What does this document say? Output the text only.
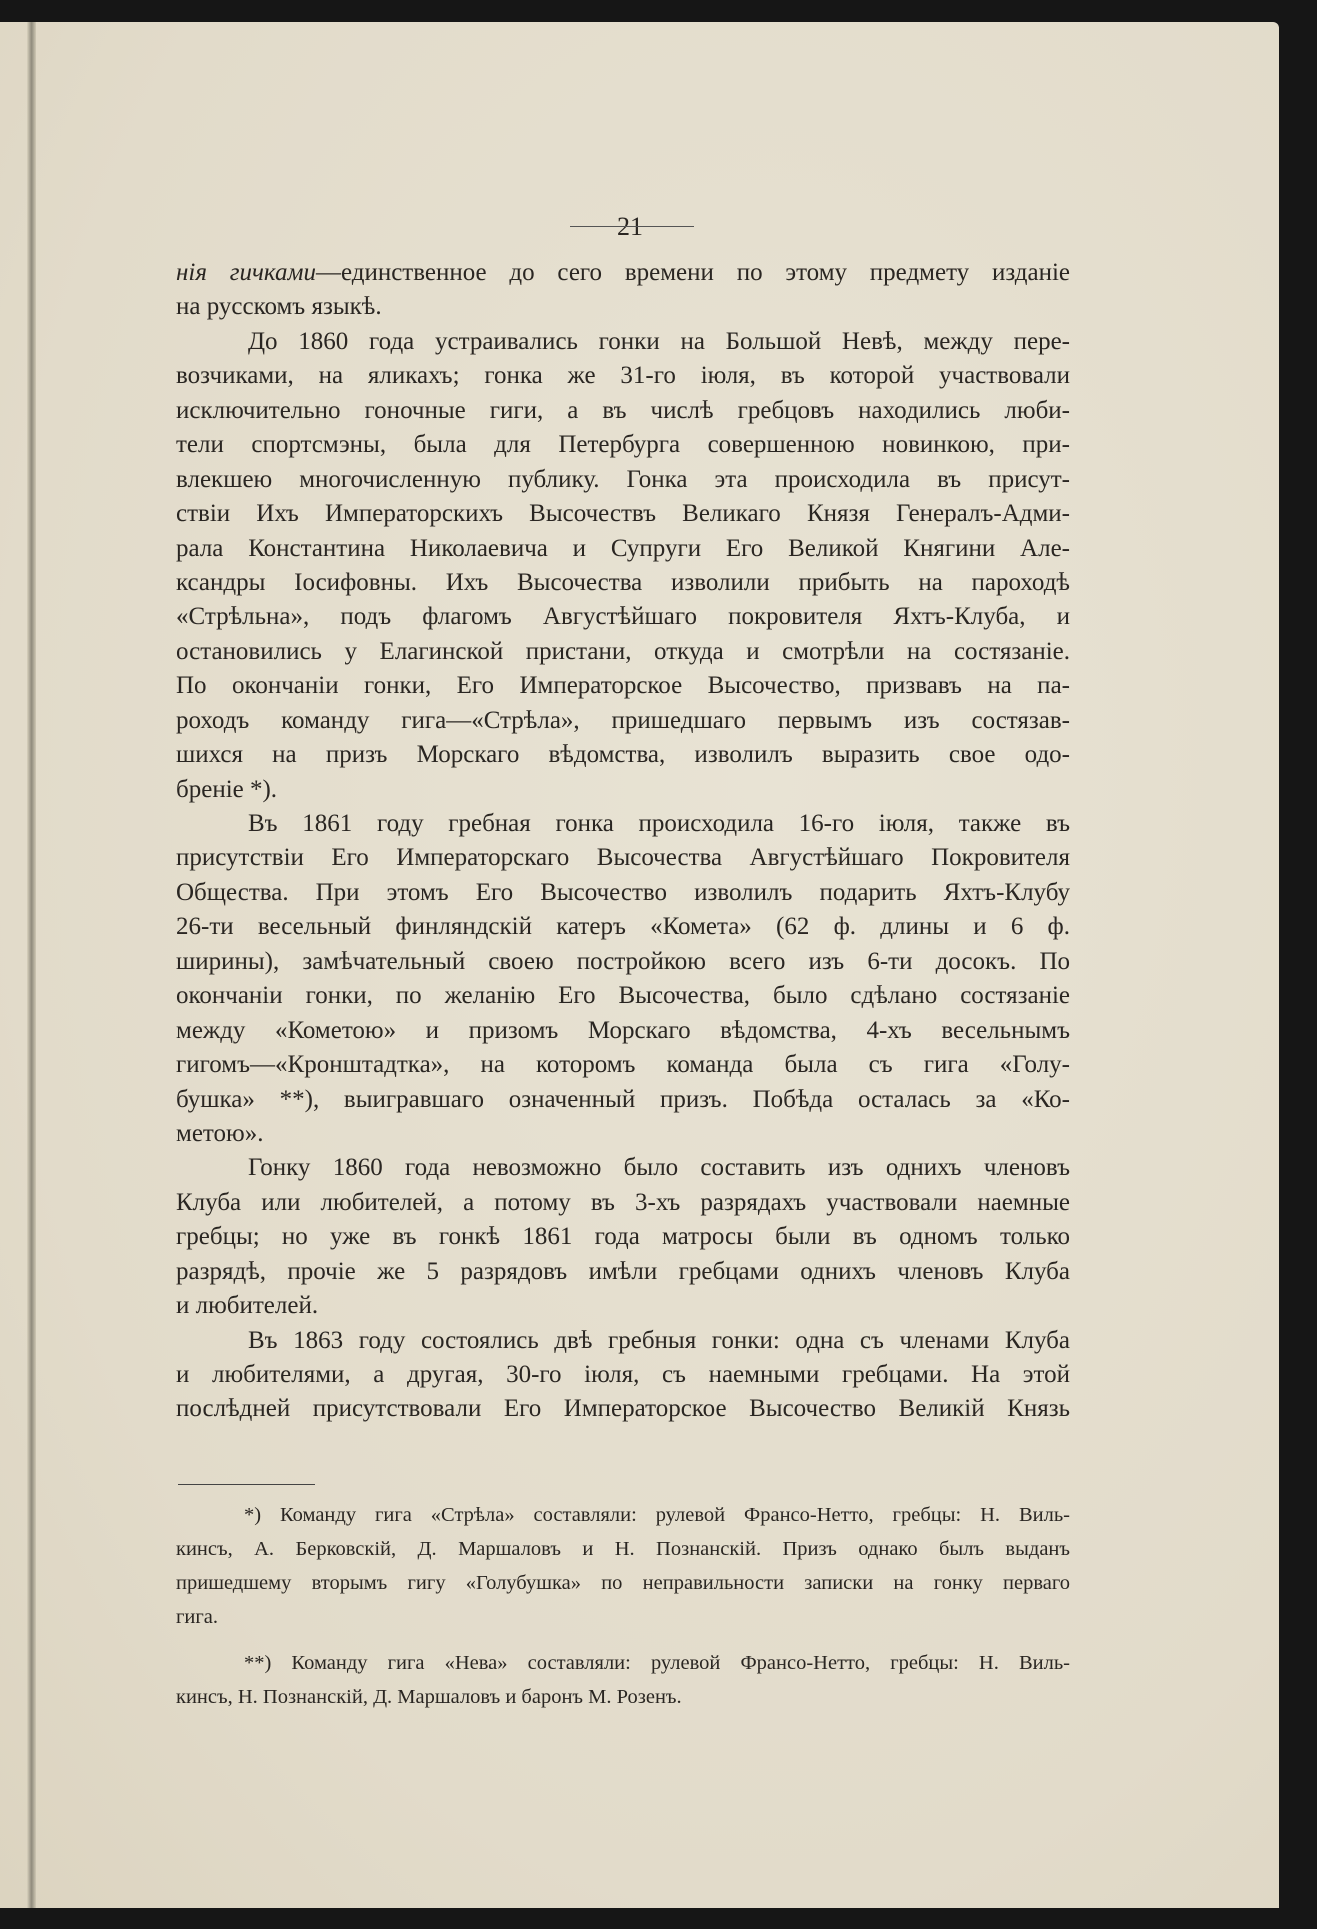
21
нія гичками—единственное до сего времени по этому предмету изданіе
на русскомъ языкѣ.
До 1860 года устраивались гонки на Большой Невѣ, между пере-
возчиками, на яликахъ; гонка же 31-го іюля, въ которой участвовали
исключительно гоночные гиги, а въ числѣ гребцовъ находились люби-
тели спортсмэны, была для Петербурга совершенною новинкою, при-
влекшею многочисленную публику. Гонка эта происходила въ присут-
ствіи Ихъ Императорскихъ Высочествъ Великаго Князя Генералъ-Адми-
рала Константина Николаевича и Супруги Его Великой Княгини Але-
ксандры Іосифовны. Ихъ Высочества изволили прибыть на пароходѣ
«Стрѣльна», подъ флагомъ Августѣйшаго покровителя Яхтъ-Клуба, и
остановились у Елагинской пристани, откуда и смотрѣли на состязаніе.
По окончаніи гонки, Его Императорское Высочество, призвавъ на па-
роходъ команду гига—«Стрѣла», пришедшаго первымъ изъ состязав-
шихся на призъ Морскаго вѣдомства, изволилъ выразить свое одо-
бреніе *).
Въ 1861 году гребная гонка происходила 16-го іюля, также въ
присутствіи Его Императорскаго Высочества Августѣйшаго Покровителя
Общества. При этомъ Его Высочество изволилъ подарить Яхтъ-Клубу
26-ти весельный финляндскій катеръ «Комета» (62 ф. длины и 6 ф.
ширины), замѣчательный своею постройкою всего изъ 6-ти досокъ. По
окончаніи гонки, по желанію Его Высочества, было сдѣлано состязаніе
между «Кометою» и призомъ Морскаго вѣдомства, 4-хъ весельнымъ
гигомъ—«Кронштадтка», на которомъ команда была съ гига «Голу-
бушка» **), выигравшаго означенный призъ. Побѣда осталась за «Ко-
метою».
Гонку 1860 года невозможно было составить изъ однихъ членовъ
Клуба или любителей, а потому въ 3-хъ разрядахъ участвовали наемные
гребцы; но уже въ гонкѣ 1861 года матросы были въ одномъ только
разрядѣ, прочіе же 5 разрядовъ имѣли гребцами однихъ членовъ Клуба
и любителей.
Въ 1863 году состоялись двѣ гребныя гонки: одна съ членами Клуба
и любителями, а другая, 30-го іюля, съ наемными гребцами. На этой
послѣдней присутствовали Его Императорское Высочество Великій Князь
*) Команду гига «Стрѣла» составляли: рулевой Франсо-Нетто, гребцы: Н. Виль-
кинсъ, А. Берковскій, Д. Маршаловъ и Н. Познанскій. Призъ однако былъ выданъ
пришедшему вторымъ гигу «Голубушка» по неправильности записки на гонку перваго
гига.
**) Команду гига «Нева» составляли: рулевой Франсо-Нетто, гребцы: Н. Виль-
кинсъ, Н. Познанскій, Д. Маршаловъ и баронъ М. Розенъ.
